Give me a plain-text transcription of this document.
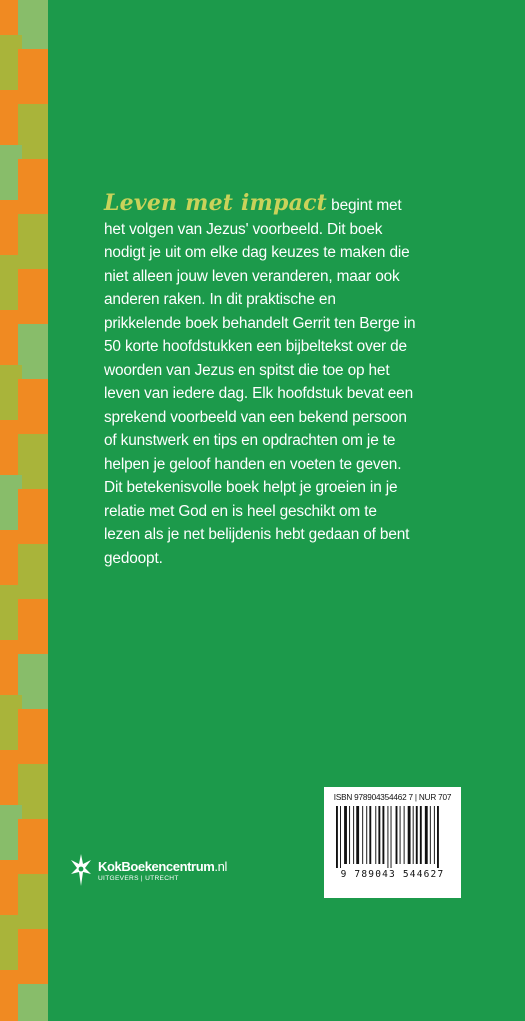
Leven met impact begint met het volgen van Jezus' voorbeeld. Dit boek nodigt je uit om elke dag keuzes te maken die niet alleen jouw leven veranderen, maar ook anderen raken. In dit praktische en prikkelende boek behandelt Gerrit ten Berge in 50 korte hoofdstukken een bijbeltekst over de woorden van Jezus en spitst die toe op het leven van iedere dag. Elk hoofdstuk bevat een sprekend voorbeeld van een bekend persoon of kunstwerk en tips en opdrachten om je te helpen je geloof handen en voeten te geven. Dit betekenisvolle boek helpt je groeien in je relatie met God en is heel geschikt om te lezen als je net belijdenis hebt gedaan of bent gedoopt.
ISBN 978904354462 7 | NUR 707
9 789043 544627
KokBoekencentrum.nl
UITGEVERS | UTRECHT
